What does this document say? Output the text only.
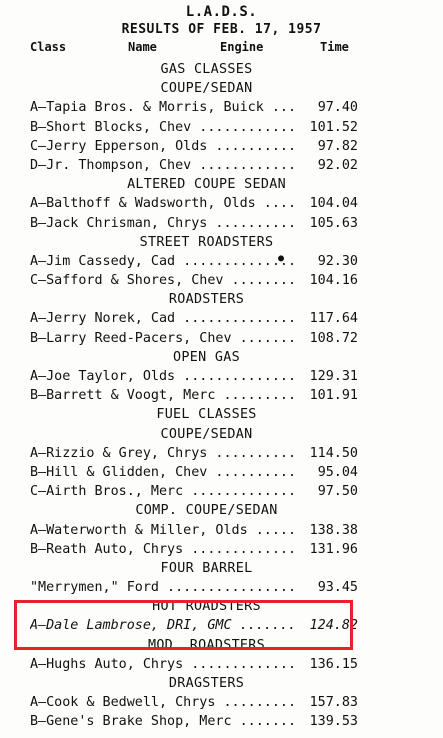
L.A.D.S.
RESULTS OF FEB. 17, 1957
Class	Name	Engine	Time
GAS CLASSES
COUPE/SEDAN
A—Tapia Bros. & Morris, Buick .....	97.40
B—Short Blocks, Chev .....	101.52
C—Jerry Epperson, Olds .....	97.82
D—Jr. Thompson, Chev .....	92.02
ALTERED COUPE SEDAN
A—Balthoff & Wadsworth, Olds .....	104.04
B—Jack Chrisman, Chrys .....	105.63
STREET ROADSTERS
A—Jim Cassedy, Cad .....	92.30
C—Safford & Shores, Chev .....	104.16
ROADSTERS
A—Jerry Norek, Cad .....	117.64
B—Larry Reed-Pacers, Chev .....	108.72
OPEN GAS
A—Joe Taylor, Olds .....	129.31
B—Barrett & Voogt, Merc .....	101.91
FUEL CLASSES
COUPE/SEDAN
A—Rizzio & Grey, Chrys .....	114.50
B—Hill & Glidden, Chev .....	95.04
C—Airth Bros., Merc .....	97.50
COMP. COUPE/SEDAN
A—Waterworth & Miller, Olds .....	138.38
B—Reath Auto, Chrys .....	131.96
FOUR BARREL
"Merrymen," Ford .....	93.45
HOT ROADSTERS
A—Dale Lambrose, DRI, GMC .....	124.82
MOD. ROADSTERS
A—Hughs Auto, Chrys .....	136.15
DRAGSTERS
A—Cook & Bedwell, Chrys .....	157.83
B—Gene's Brake Shop, Merc .....	139.53
●
